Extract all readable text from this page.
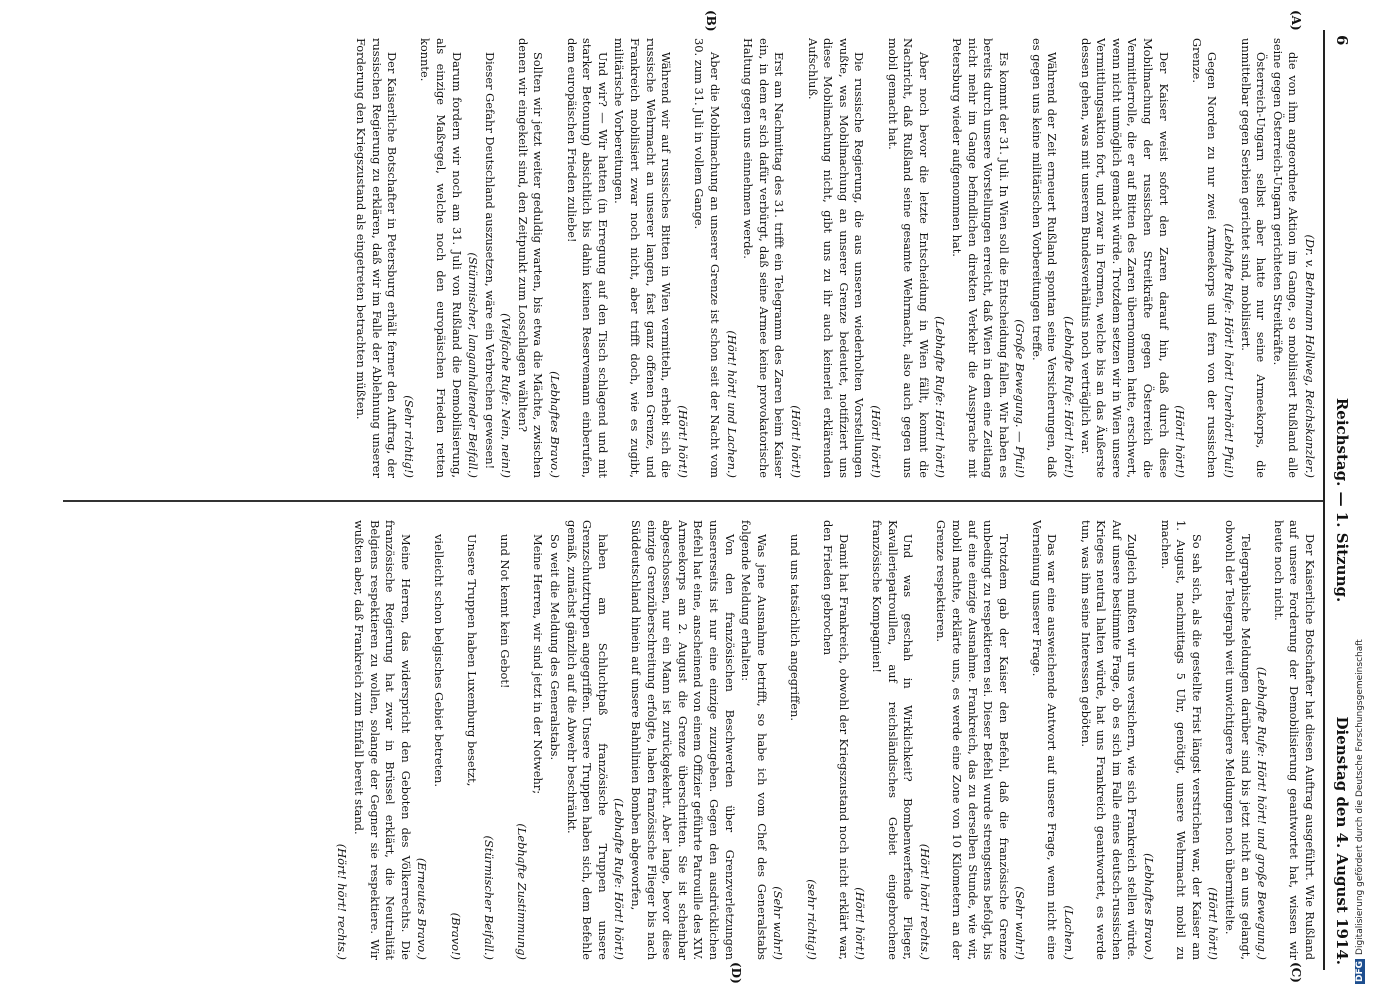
6
Reichstag. — 1. Sitzung.
Dienstag den 4. August 1914.
(A)
(B)
(C)
(D)

(Dr. v. Bethmann Hollweg, Reichskanzler.)

die von ihm angeordnete Aktion im Gange, so mobilisiert Rußland alle seine gegen Österreich-Ungarn gerichteten Streitkräfte.

Österreich-Ungarn selbst aber hatte nur seine Armeekorps, die unmittelbar gegen Serbien gerichtet sind, mobilisiert.

(Lebhafte Rufe: Hört! hört! Unerhört! Pfui!)

Gegen Norden zu nur zwei Armeekorps und fern von der russischen Grenze.

(Hört! hört!)

Der Kaiser weist sofort den Zaren darauf hin, daß durch diese Mobilmachung der russischen Streitkräfte gegen Österreich die Vermittlerrolle, die er auf Bitten des Zaren übernommen hatte, erschwert, wenn nicht unmöglich gemacht würde. Trotzdem setzen wir in Wien unsere Vermittlungsaktion fort, und zwar in Formen, welche bis an das Äußerste dessen gehen, was mit unserem Bundesverhältnis noch verträglich war.

(Lebhafte Rufe: Hört! hört!)

Während der Zeit erneuert Rußland spontan seine Versicherungen, daß es gegen uns keine militärischen Vorbereitungen treffe.

(Große Bewegung. — Pfui!)

Es kommt der 31. Juli. In Wien soll die Entscheidung fallen. Wir haben es bereits durch unsere Vorstellungen erreicht, daß Wien in dem eine Zeitlang nicht mehr im Gange befindlichen direkten Verkehr die Aussprache mit Petersburg wieder aufgenommen hat.

(Lebhafte Rufe: Hört! hört!)

Aber noch bevor die letzte Entscheidung in Wien fällt, kommt die Nachricht, daß Rußland seine gesamte Wehrmacht, also auch gegen uns mobil gemacht hat.

(Hört! hört!)

Die russische Regierung, die aus unseren wiederholten Vorstellungen wußte, was Mobilmachung an unserer Grenze bedeutet, notifiziert uns diese Mobilmachung nicht, gibt uns zu ihr auch keinerlei erklärenden Aufschluß.

(Hört! hört!)

Erst am Nachmittag des 31. trifft ein Telegramm des Zaren beim Kaiser ein, in dem er sich dafür verbürgt, daß seine Armee keine provokatorische Haltung gegen uns einnehmen werde.

(Hört! hört! und Lachen.)

Aber die Mobilmachung an unserer Grenze ist schon seit der Nacht vom 30. zum 31. Juli in vollem Gange.

(Hört! hört!)

Während wir auf russisches Bitten in Wien vermitteln, erhebt sich die russische Wehrmacht an unserer langen, fast ganz offenen Grenze, und Frankreich mobilisiert zwar noch nicht, aber trifft doch, wie es zugibt, militärische Vorbereitungen.

Und wir? — Wir hatten (in Erregung auf den Tisch schlagend und mit starker Betonung) absichtlich bis dahin keinen Reservemann einberufen, dem europäischen Frieden zuliebe!

(Lebhaftes Bravo.)

Sollten wir jetzt weiter geduldig warten, bis etwa die Mächte, zwischen denen wir eingekeilt sind, den Zeitpunkt zum Losschlagen wählten?

(Vielfache Rufe: Nein, nein!)

Dieser Gefahr Deutschland auszusetzen, wäre ein Verbrechen gewesen!

(Stürmischer, langanhaltender Beifall.)

Darum fordern wir noch am 31. Juli von Rußland die Demobilisierung, als einzige Maßregel, welche noch den europäischen Frieden retten konnte.

(Sehr richtig!)

Der Kaiserliche Botschafter in Petersburg erhält ferner den Auftrag, der russischen Regierung zu erklären, daß wir im Falle der Ablehnung unserer Forderung den Kriegszustand als eingetreten betrachten müßten.

Der Kaiserliche Botschafter hat diesen Auftrag ausgeführt. Wie Rußland auf unsere Forderung der Demobilisierung geantwortet hat, wissen wir heute noch nicht.

(Lebhafte Rufe: Hört! hört! und große Bewegung.)

Telegraphische Meldungen darüber sind bis jetzt nicht an uns gelangt, obwohl der Telegraph weit unwichtigere Meldungen noch übermittelte.

(Hört! hört!)

So sah sich, als die gestellte Frist längst verstrichen war, der Kaiser am 1. August, nachmittags 5 Uhr, genötigt, unsere Wehrmacht mobil zu machen.

(Lebhaftes Bravo.)

Zugleich mußten wir uns versichern, wie sich Frankreich stellen würde. Auf unsere bestimmte Frage, ob es sich im Falle eines deutsch-russischen Krieges neutral halten würde, hat uns Frankreich geantwortet, es werde tun, was ihm seine Interessen geböten.

(Lachen.)

Das war eine ausweichende Antwort auf unsere Frage, wenn nicht eine Verneinung unserer Frage.

(Sehr wahr!)

Trotzdem gab der Kaiser den Befehl, daß die französische Grenze unbedingt zu respektieren sei. Dieser Befehl wurde strengstens befolgt, bis auf eine einzige Ausnahme. Frankreich, das zu derselben Stunde, wie wir, mobil machte, erklärte uns, es werde eine Zone von 10 Kilometern an der Grenze respektieren.

(Hört! hört! rechts.)

Und was geschah in Wirklichkeit? Bombenwerfende Flieger, Kavalleriepatrouillen, auf reichsländisches Gebiet eingebrochene französische Kompagnien!

(Hört! hört!)

Damit hat Frankreich, obwohl der Kriegszustand noch nicht erklärt war, den Frieden gebrochen

(sehr richtig!)

und uns tatsächlich angegriffen.

(Sehr wahr!)

Was jene Ausnahme betrifft, so habe ich vom Chef des Generalstabs folgende Meldung erhalten:

Von den französischen Beschwerden über Grenzverletzungen unsererseits ist nur eine einzige zuzugeben. Gegen den ausdrücklichen Befehl hat eine, anscheinend von einem Offizier geführte Patrouille des XIV. Armeekorps am 2. August die Grenze überschritten. Sie ist scheinbar abgeschossen, nur ein Mann ist zurückgekehrt. Aber lange, bevor diese einzige Grenzüberschreitung erfolgte, haben französische Flieger bis nach Süddeutschland hinein auf unsere Bahnlinien Bomben abgeworfen,

(Lebhafte Rufe: Hört! hört!)

haben am Schluchtpaß französische Truppen unsere Grenzschutztruppen angegriffen. Unsere Truppen haben sich, dem Befehle gemäß, zunächst gänzlich auf die Abwehr beschränkt.

So weit die Meldung des Generalstabs.

Meine Herren, wir sind jetzt in der Notwehr;

(Lebhafte Zustimmung)

und Not kennt kein Gebot!

(Stürmischer Beifall.)

Unsere Truppen haben Luxemburg besetzt,

(Bravo!)

vielleicht schon belgisches Gebiet betreten.

(Erneutes Bravo.)

Meine Herren, das widerspricht den Geboten des Völkerrechts. Die französische Regierung hat zwar in Brüssel erklärt, die Neutralität Belgiens respektieren zu wollen, solange der Gegner sie respektiere. Wir wußten aber, daß Frankreich zum Einfall bereit stand.

(Hört! hört! rechts.)

DFGDigitalisierung gefördert durch die Deutsche Forschungsgemeinschaft
